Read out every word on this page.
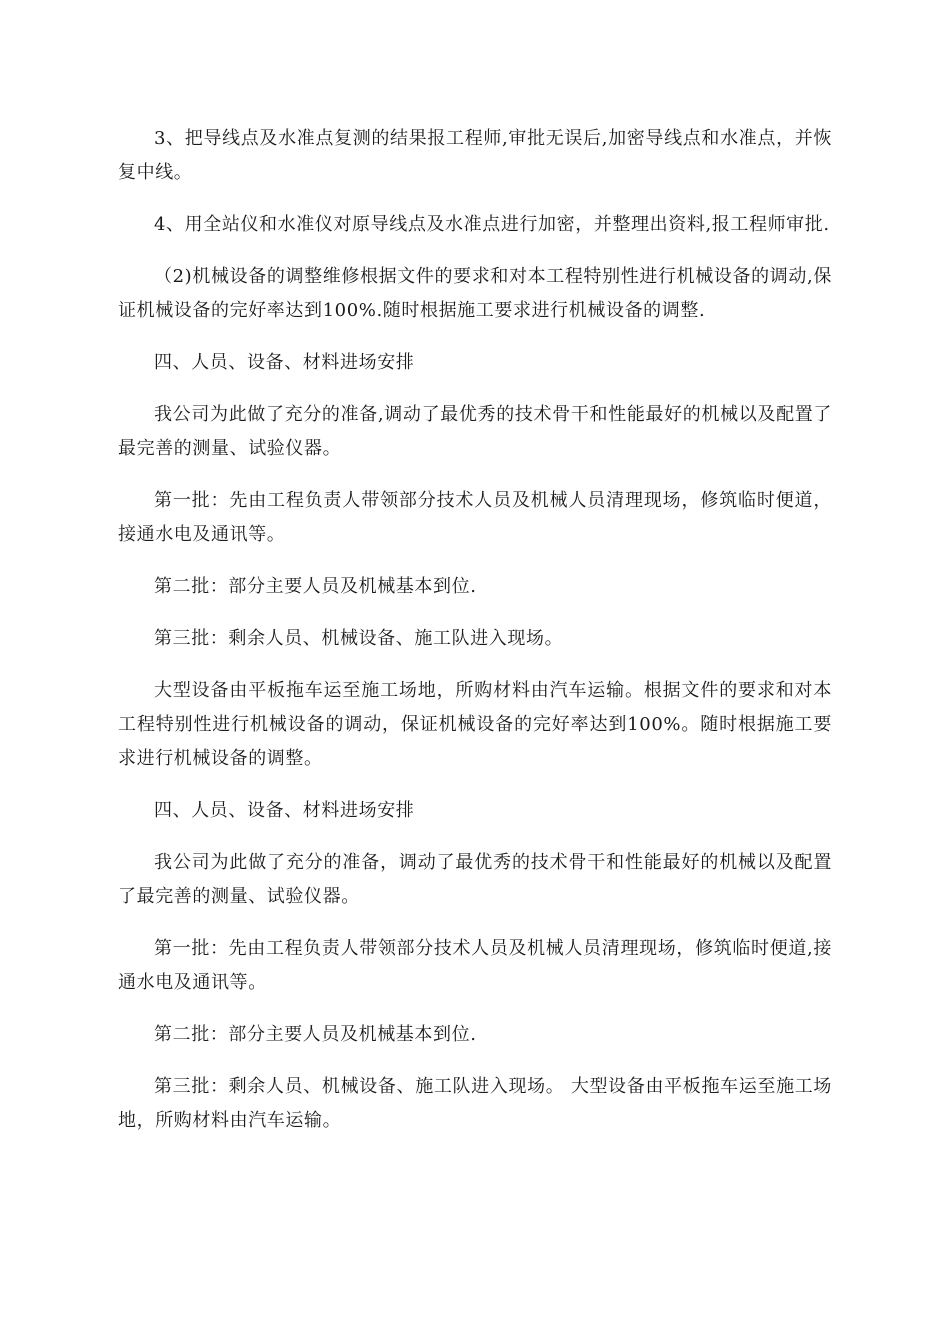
3、把导线点及水准点复测的结果报工程师,审批无误后,加密导线点和水准点，并恢复中线。

4、用全站仪和水准仪对原导线点及水准点进行加密，并整理出资料,报工程师审批.

（2)机械设备的调整维修根据文件的要求和对本工程特别性进行机械设备的调动,保证机械设备的完好率达到100%.随时根据施工要求进行机械设备的调整.

四、人员、设备、材料进场安排

我公司为此做了充分的准备,调动了最优秀的技术骨干和性能最好的机械以及配置了最完善的测量、试验仪器。

第一批：先由工程负责人带领部分技术人员及机械人员清理现场，修筑临时便道，接通水电及通讯等。

第二批：部分主要人员及机械基本到位.

第三批：剩余人员、机械设备、施工队进入现场。

大型设备由平板拖车运至施工场地，所购材料由汽车运输。根据文件的要求和对本工程特别性进行机械设备的调动，保证机械设备的完好率达到100%。随时根据施工要求进行机械设备的调整。

四、人员、设备、材料进场安排

我公司为此做了充分的准备，调动了最优秀的技术骨干和性能最好的机械以及配置了最完善的测量、试验仪器。

第一批：先由工程负责人带领部分技术人员及机械人员清理现场，修筑临时便道,接通水电及通讯等。

第二批：部分主要人员及机械基本到位.

第三批：剩余人员、机械设备、施工队进入现场。 大型设备由平板拖车运至施工场地，所购材料由汽车运输。
